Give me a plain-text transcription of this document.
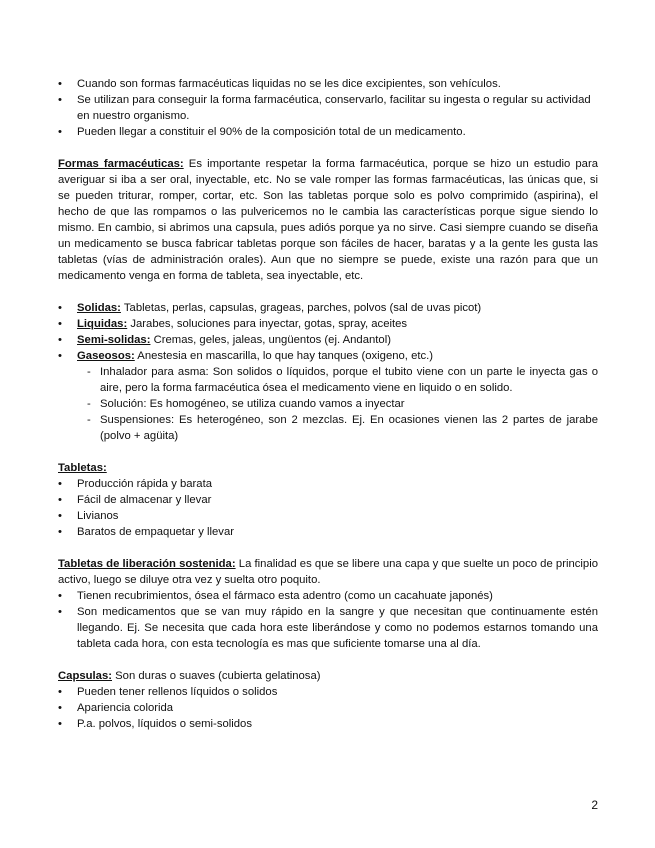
• Cuando son formas farmacéuticas liquidas no se les dice excipientes, son vehículos.
• Se utilizan para conseguir la forma farmacéutica, conservarlo, facilitar su ingesta o regular su actividad en nuestro organismo.
• Pueden llegar a constituir el 90% de la composición total de un medicamento.

Formas farmacéuticas: Es importante respetar la forma farmacéutica, porque se hizo un estudio para averiguar si iba a ser oral, inyectable, etc. No se vale romper las formas farmacéuticas, las únicas que, si se pueden triturar, romper, cortar, etc. Son las tabletas porque solo es polvo comprimido (aspirina), el hecho de que las rompamos o las pulvericemos no le cambia las características porque sigue siendo lo mismo. En cambio, si abrimos una capsula, pues adiós porque ya no sirve. Casi siempre cuando se diseña un medicamento se busca fabricar tabletas porque son fáciles de hacer, baratas y a la gente les gusta las tabletas (vías de administración orales). Aun que no siempre se puede, existe una razón para que un medicamento venga en forma de tableta, sea inyectable, etc.

• Solidas: Tabletas, perlas, capsulas, grageas, parches, polvos (sal de uvas picot)
• Liquidas: Jarabes, soluciones para inyectar, gotas, spray, aceites
• Semi-solidas: Cremas, geles, jaleas, ungüentos (ej. Andantol)
• Gaseosos: Anestesia en mascarilla, lo que hay tanques (oxigeno, etc.)
- Inhalador para asma: Son solidos o líquidos, porque el tubito viene con un parte le inyecta gas o aire, pero la forma farmacéutica ósea el medicamento viene en liquido o en solido.
- Solución: Es homogéneo, se utiliza cuando vamos a inyectar
- Suspensiones: Es heterogéneo, son 2 mezclas. Ej. En ocasiones vienen las 2 partes de jarabe (polvo + agüita)

Tabletas:

• Producción rápida y barata
• Fácil de almacenar y llevar
• Livianos
• Baratos de empaquetar y llevar

Tabletas de liberación sostenida: La finalidad es que se libere una capa y que suelte un poco de principio activo, luego se diluye otra vez y suelta otro poquito.

• Tienen recubrimientos, ósea el fármaco esta adentro (como un cacahuate japonés)
• Son medicamentos que se van muy rápido en la sangre y que necesitan que continuamente estén llegando. Ej. Se necesita que cada hora este liberándose y como no podemos estarnos tomando una tableta cada hora, con esta tecnología es mas que suficiente tomarse una al día.

Capsulas: Son duras o suaves (cubierta gelatinosa)

• Pueden tener rellenos líquidos o solidos
• Apariencia colorida
• P.a. polvos, líquidos o semi-solidos
2
